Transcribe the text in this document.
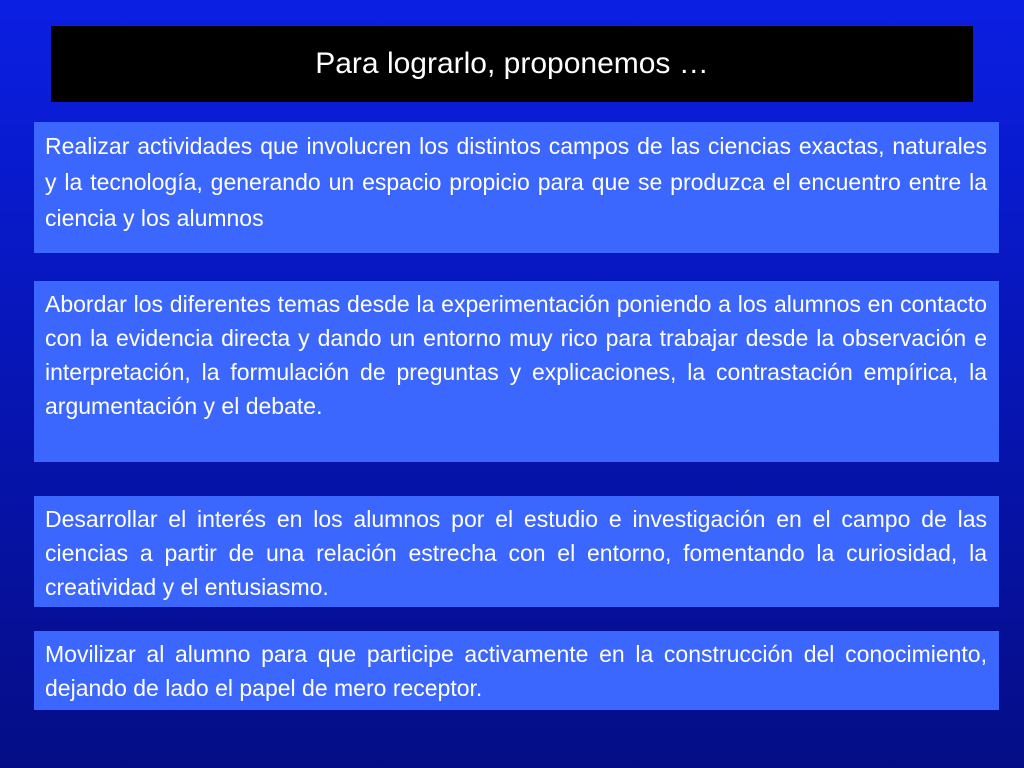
Para lograrlo, proponemos …
Realizar actividades que involucren los distintos campos de las ciencias exactas, naturales y la tecnología, generando un espacio propicio para que se produzca el encuentro entre la ciencia y los alumnos
Abordar los diferentes temas desde la experimentación poniendo a los alumnos en contacto con la evidencia directa y dando un entorno muy rico para trabajar desde la observación e interpretación, la formulación de preguntas y explicaciones, la contrastación empírica, la argumentación y el debate.
Desarrollar el interés en los alumnos por el estudio e investigación en el campo de las ciencias a partir de una relación estrecha con el entorno, fomentando la curiosidad, la creatividad y el entusiasmo.
Movilizar al alumno para que participe activamente en la construcción del conocimiento, dejando de lado el papel de mero receptor.
